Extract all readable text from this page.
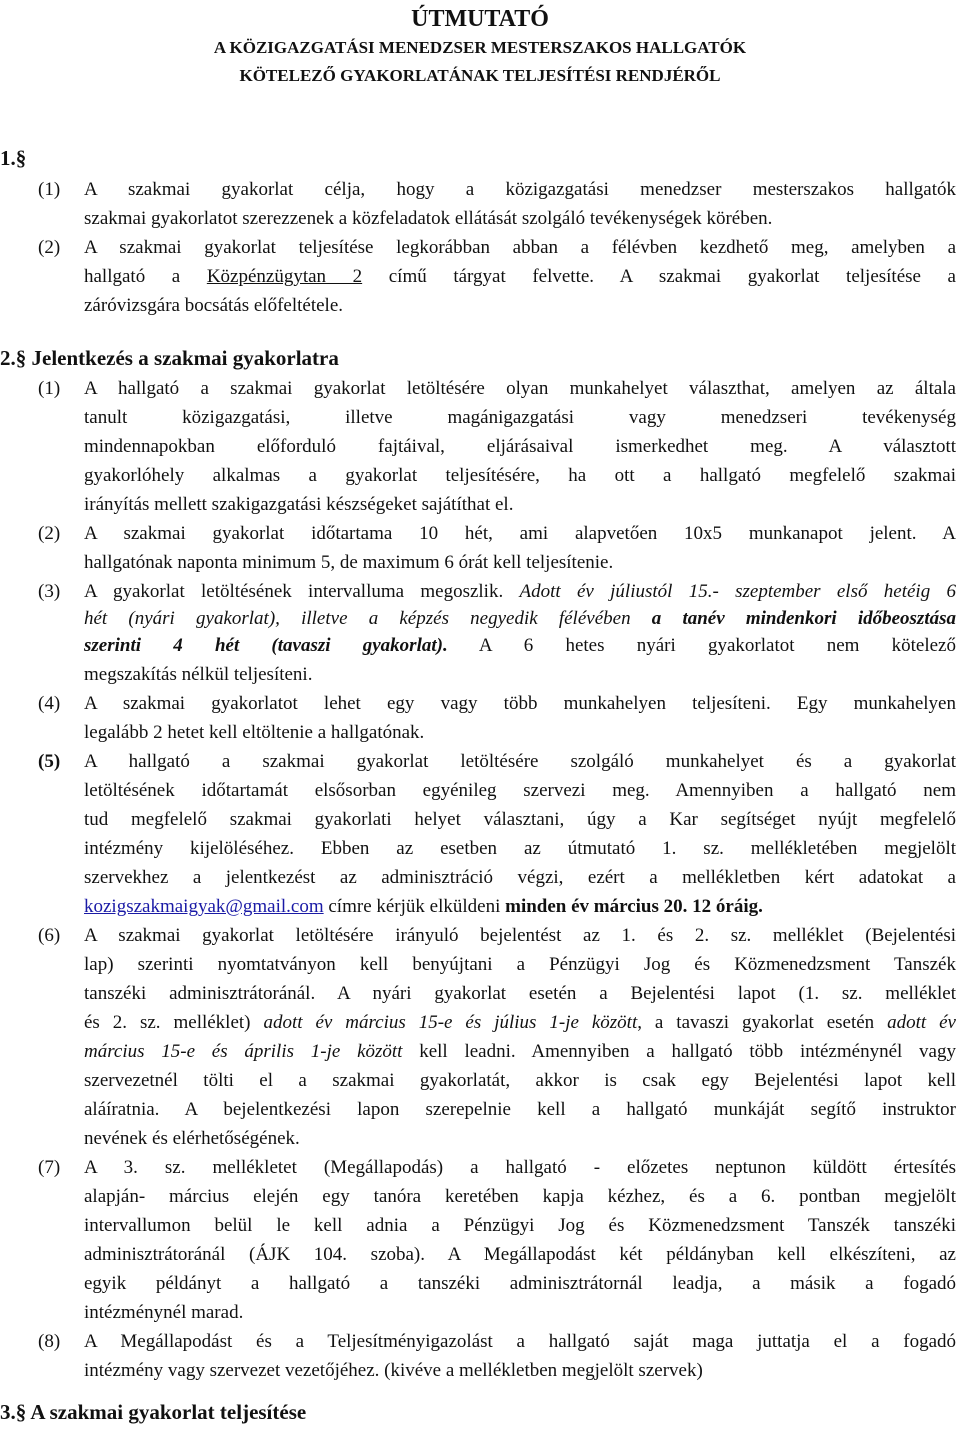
ÚTMUTATÓ
A KÖZIGAZGATÁSI MENEDZSER MESTERSZAKOS HALLGATÓK
KÖTELEZŐ GYAKORLATÁNAK TELJESÍTÉSI RENDJÉRŐL
1.§
(1) A szakmai gyakorlat célja, hogy a közigazgatási menedzser mesterszakos hallgatók
szakmai gyakorlatot szerezzenek a közfeladatok ellátását szolgáló tevékenységek körében.
(2) A szakmai gyakorlat teljesítése legkorábban abban a félévben kezdhető meg, amelyben a
hallgató a Közpénzügytan 2 című tárgyat felvette. A szakmai gyakorlat teljesítése a
záróvizsgára bocsátás előfeltétele.
2.§ Jelentkezés a szakmai gyakorlatra
(1) A hallgató a szakmai gyakorlat letöltésére olyan munkahelyet választhat, amelyen az általa
tanult közigazgatási, illetve magánigazgatási vagy menedzseri tevékenység
mindennapokban előforduló fajtáival, eljárásaival ismerkedhet meg. A választott
gyakorlóhely alkalmas a gyakorlat teljesítésére, ha ott a hallgató megfelelő szakmai
irányítás mellett szakigazgatási készségeket sajátíthat el.
(2) A szakmai gyakorlat időtartama 10 hét, ami alapvetően 10x5 munkanapot jelent. A
hallgatónak naponta minimum 5, de maximum 6 órát kell teljesítenie.
(3) A gyakorlat letöltésének intervalluma megoszlik. Adott év júliustól 15.- szeptember első hetéig 6
hét (nyári gyakorlat), illetve a képzés negyedik félévében a tanév mindenkori időbeosztása
szerinti 4 hét (tavaszi gyakorlat). A 6 hetes nyári gyakorlatot nem kötelező
megszakítás nélkül teljesíteni.
(4) A szakmai gyakorlatot lehet egy vagy több munkahelyen teljesíteni. Egy munkahelyen
legalább 2 hetet kell eltöltenie a hallgatónak.
(5) A hallgató a szakmai gyakorlat letöltésére szolgáló munkahelyet és a gyakorlat
letöltésének időtartamát elsősorban egyénileg szervezi meg. Amennyiben a hallgató nem
tud megfelelő szakmai gyakorlati helyet választani, úgy a Kar segítséget nyújt megfelelő
intézmény kijelöléséhez. Ebben az esetben az útmutató 1. sz. mellékletében megjelölt
szervekhez a jelentkezést az adminisztráció végzi, ezért a mellékletben kért adatokat a
kozigszakmaigyak@gmail.com címre kérjük elküldeni minden év március 20. 12 óráig.
(6) A szakmai gyakorlat letöltésére irányuló bejelentést az 1. és 2. sz. melléklet (Bejelentési
lap) szerinti nyomtatványon kell benyújtani a Pénzügyi Jog és Közmenedzsment Tanszék
tanszéki adminisztrátoránál. A nyári gyakorlat esetén a Bejelentési lapot (1. sz. melléklet
és 2. sz. melléklet) adott év március 15-e és július 1-je között, a tavaszi gyakorlat esetén adott év
március 15-e és április 1-je között kell leadni. Amennyiben a hallgató több intézménynél vagy
szervezetnél tölti el a szakmai gyakorlatát, akkor is csak egy Bejelentési lapot kell
aláíratnia. A bejelentkezési lapon szerepelnie kell a hallgató munkáját segítő instruktor
nevének és elérhetőségének.
(7) A 3. sz. mellékletet (Megállapodás) a hallgató - előzetes neptunon küldött értesítés
alapján- március elején egy tanóra keretében kapja kézhez, és a 6. pontban megjelölt
intervallumon belül le kell adnia a Pénzügyi Jog és Közmenedzsment Tanszék tanszéki
adminisztrátoránál (ÁJK 104. szoba). A Megállapodást két példányban kell elkészíteni, az
egyik példányt a hallgató a tanszéki adminisztrátornál leadja, a másik a fogadó
intézménynél marad.
(8) A Megállapodást és a Teljesítményigazolást a hallgató saját maga juttatja el a fogadó
intézmény vagy szervezet vezetőjéhez. (kivéve a mellékletben megjelölt szervek)
3.§ A szakmai gyakorlat teljesítése
